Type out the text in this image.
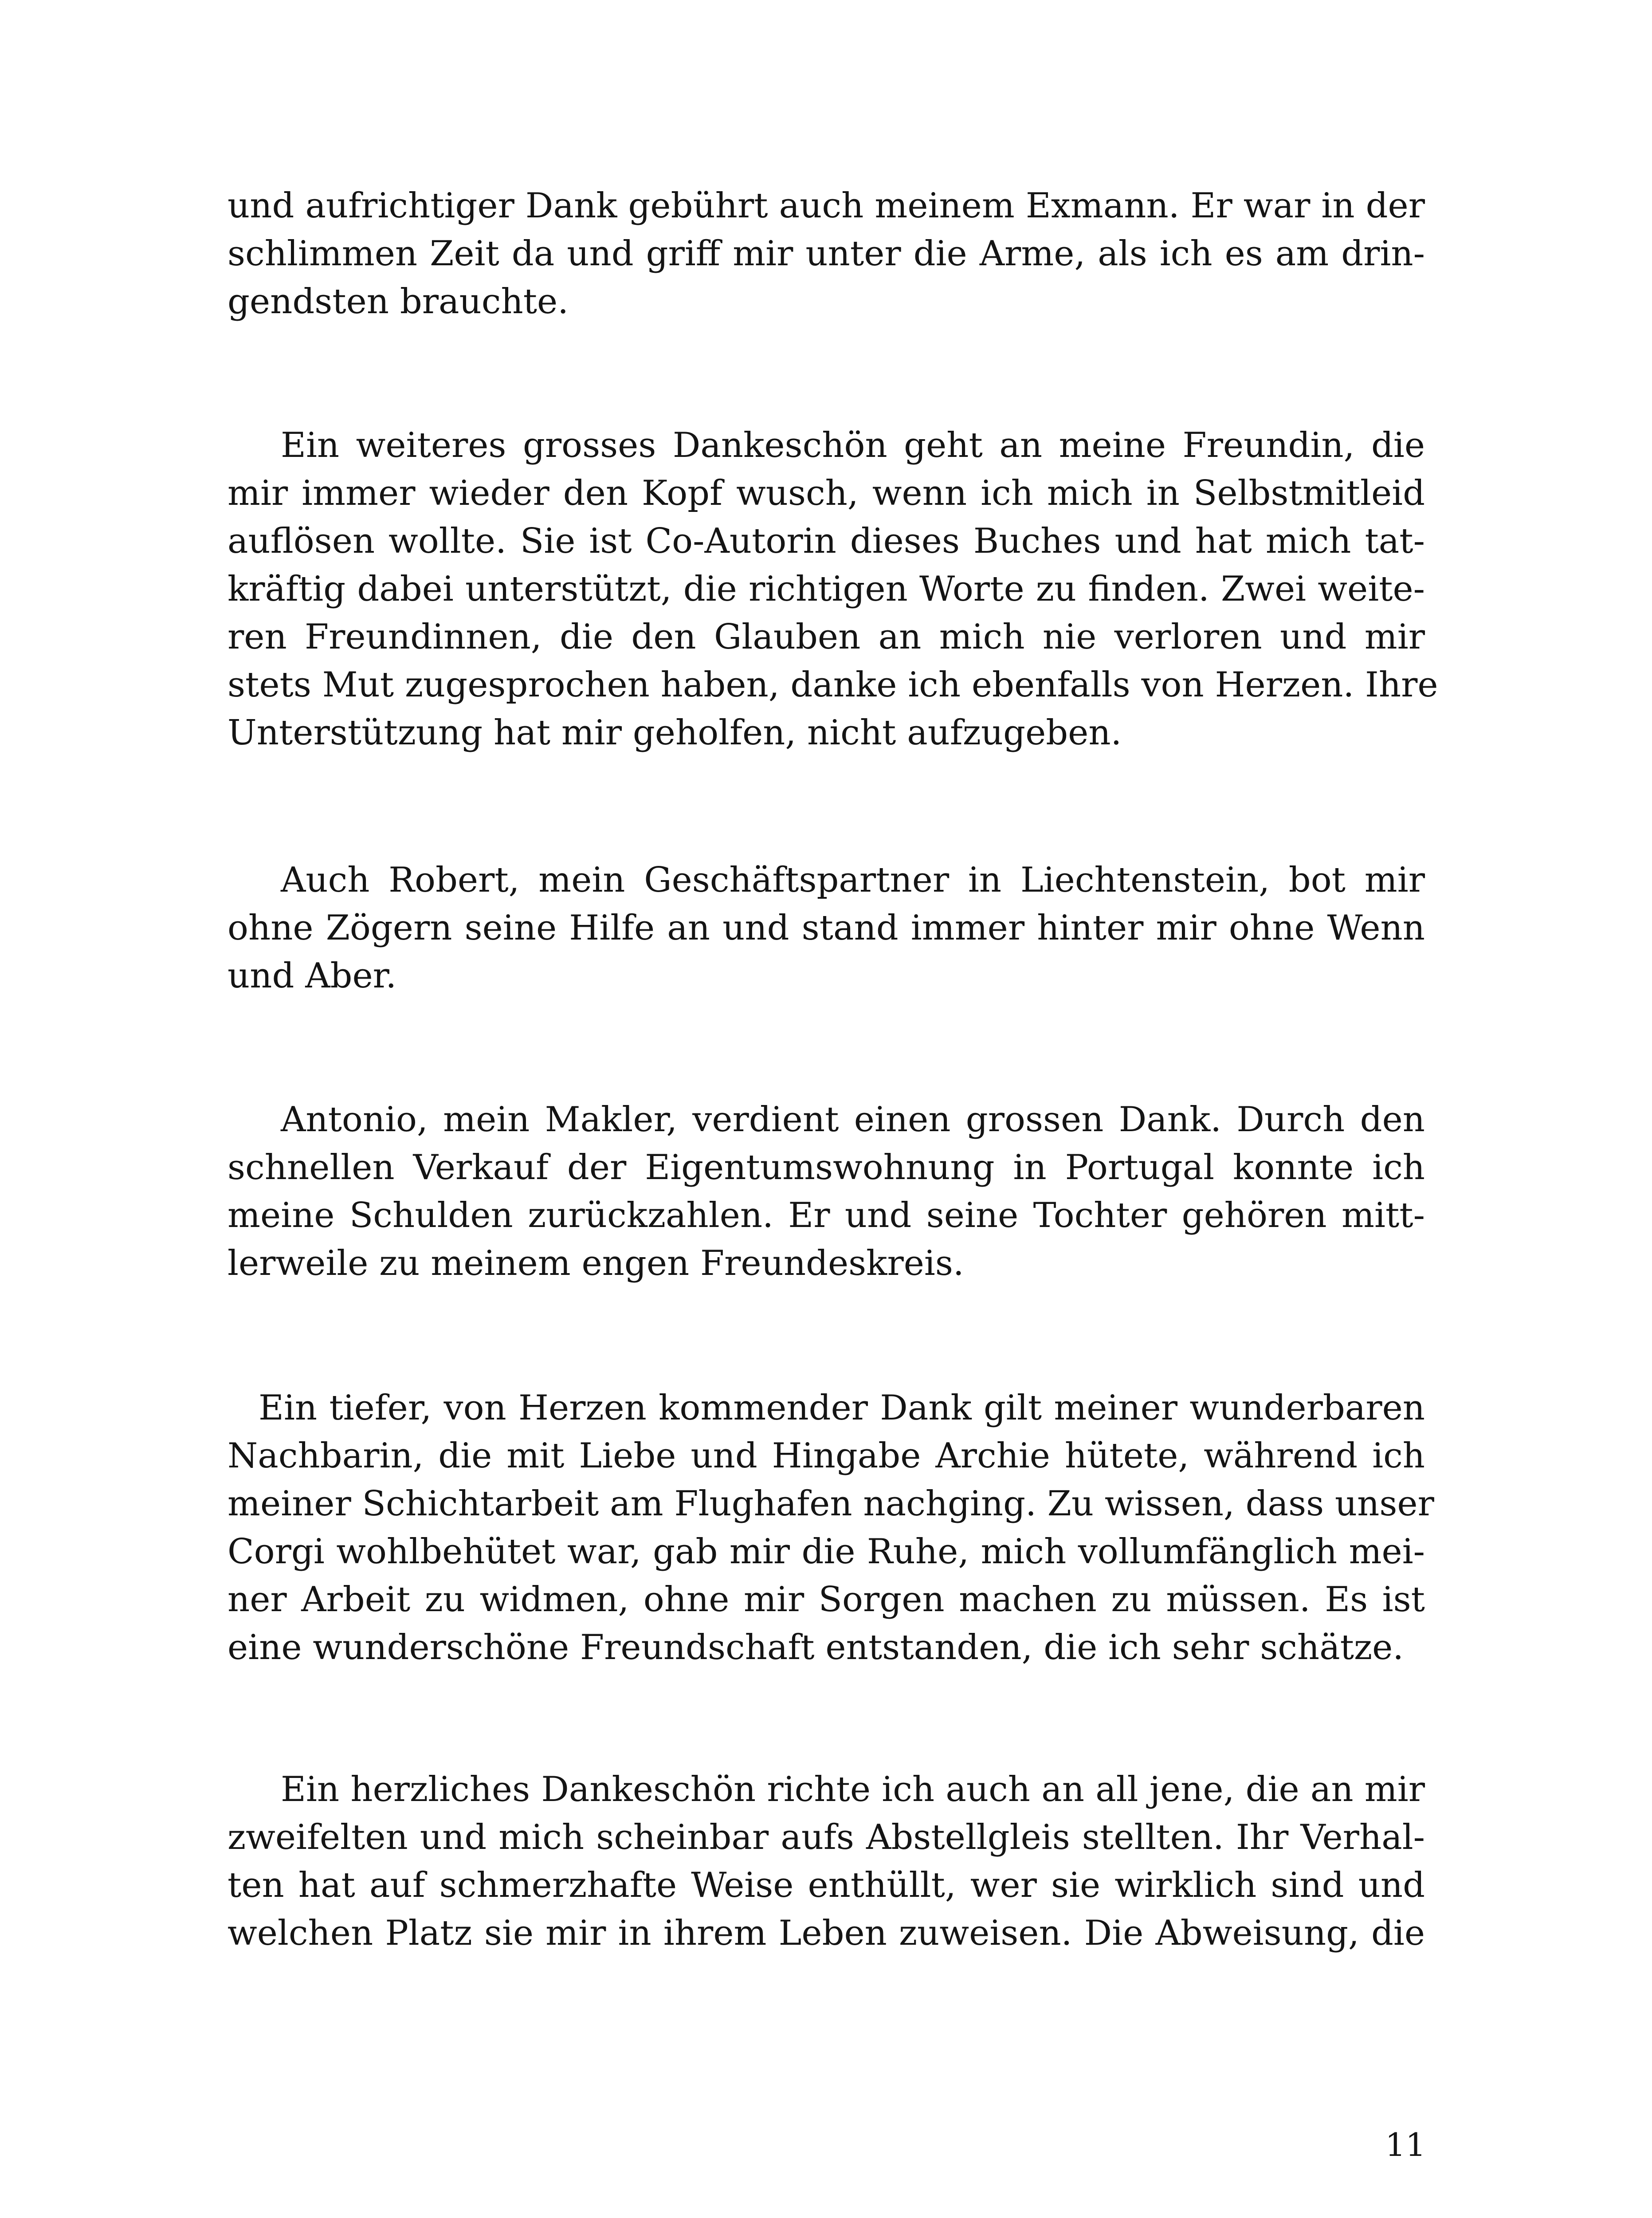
und aufrichtiger Dank gebührt auch meinem Exmann. Er war in der

schlimmen Zeit da und griff mir unter die Arme, als ich es am drin-

gendsten brauchte.

Ein weiteres grosses Dankeschön geht an meine Freundin, die

mir immer wieder den Kopf wusch, wenn ich mich in Selbstmitleid

auflösen wollte. Sie ist Co-Autorin dieses Buches und hat mich tat-

kräftig dabei unterstützt, die richtigen Worte zu finden. Zwei weite-

ren Freundinnen, die den Glauben an mich nie verloren und mir

stets Mut zugesprochen haben, danke ich ebenfalls von Herzen. Ihre

Unterstützung hat mir geholfen, nicht aufzugeben.

Auch Robert, mein Geschäftspartner in Liechtenstein, bot mir

ohne Zögern seine Hilfe an und stand immer hinter mir ohne Wenn

und Aber.

Antonio, mein Makler, verdient einen grossen Dank. Durch den

schnellen Verkauf der Eigentumswohnung in Portugal konnte ich

meine Schulden zurückzahlen. Er und seine Tochter gehören mitt-

lerweile zu meinem engen Freundeskreis.

Ein tiefer, von Herzen kommender Dank gilt meiner wunderbaren

Nachbarin, die mit Liebe und Hingabe Archie hütete, während ich

meiner Schichtarbeit am Flughafen nachging. Zu wissen, dass unser

Corgi wohlbehütet war, gab mir die Ruhe, mich vollumfänglich mei-

ner Arbeit zu widmen, ohne mir Sorgen machen zu müssen. Es ist

eine wunderschöne Freundschaft entstanden, die ich sehr schätze.

Ein herzliches Dankeschön richte ich auch an all jene, die an mir

zweifelten und mich scheinbar aufs Abstellgleis stellten. Ihr Verhal-

ten hat auf schmerzhafte Weise enthüllt, wer sie wirklich sind und

welchen Platz sie mir in ihrem Leben zuweisen. Die Abweisung, die

11
